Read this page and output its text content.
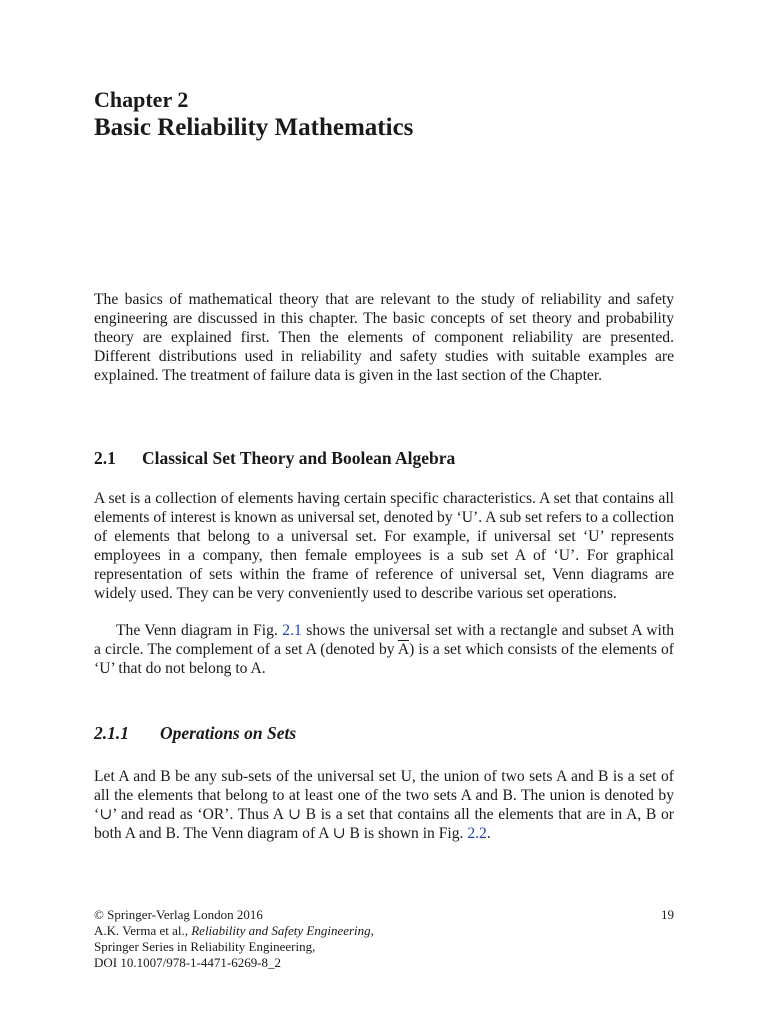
Chapter 2
Basic Reliability Mathematics

The basics of mathematical theory that are relevant to the study of reliability and safety engineering are discussed in this chapter. The basic concepts of set theory and probability theory are explained first. Then the elements of component reliability are presented. Different distributions used in reliability and safety studies with suitable examples are explained. The treatment of failure data is given in the last section of the Chapter.

2.1 Classical Set Theory and Boolean Algebra

A set is a collection of elements having certain specific characteristics. A set that contains all elements of interest is known as universal set, denoted by ‘U’. A sub set refers to a collection of elements that belong to a universal set. For example, if universal set ‘U’ represents employees in a company, then female employees is a sub set A of ‘U’. For graphical representation of sets within the frame of reference of universal set, Venn diagrams are widely used. They can be very conveniently used to describe various set operations.

The Venn diagram in Fig. 2.1 shows the universal set with a rectangle and subset A with a circle. The complement of a set A (denoted by $\overline{A}$) is a set which consists of the elements of ‘U’ that do not belong to A.

2.1.1 Operations on Sets

Let A and B be any sub-sets of the universal set U, the union of two sets A and B is a set of all the elements that belong to at least one of the two sets A and B. The union is denoted by ‘∪’ and read as ‘OR’. Thus A ∪ B is a set that contains all the elements that are in A, B or both A and B. The Venn diagram of A ∪ B is shown in Fig. 2.2.

© Springer-Verlag London 2016
A.K. Verma et al., Reliability and Safety Engineering,
Springer Series in Reliability Engineering,
DOI 10.1007/978-1-4471-6269-8_2
19
